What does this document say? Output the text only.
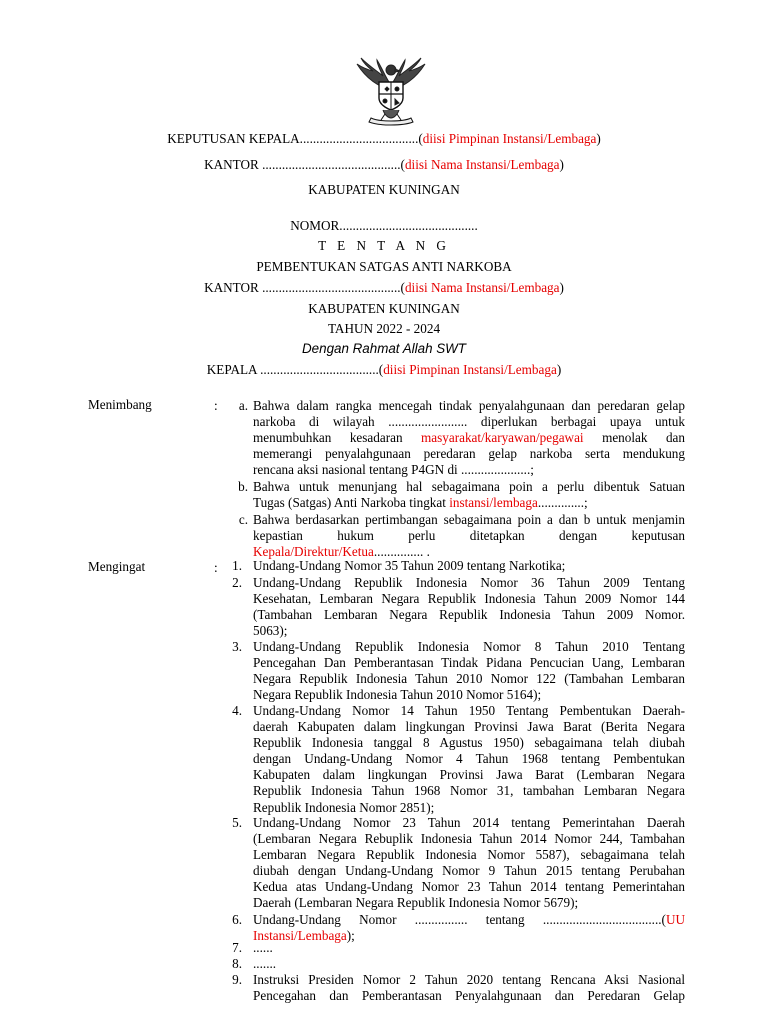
KEPUTUSAN KEPALA....................................(diisi Pimpinan Instansi/Lembaga)
KANTOR ..........................................(diisi Nama Instansi/Lembaga)
KABUPATEN KUNINGAN
NOMOR..........................................
T E N T A N G
PEMBENTUKAN SATGAS ANTI NARKOBA
KANTOR ..........................................(diisi Nama Instansi/Lembaga)
KABUPATEN KUNINGAN
TAHUN 2022 - 2024
Dengan Rahmat Allah SWT
KEPALA ....................................(diisi Pimpinan Instansi/Lembaga)
Menimbang	:	a. Bahwa dalam rangka mencegah tindak penyalahgunaan dan peredaran gelap
narkoba di wilayah ........................ diperlukan berbagai upaya untuk
menumbuhkan kesadaran masyarakat/karyawan/pegawai menolak dan
memerangi penyalahgunaan peredaran gelap narkoba serta mendukung
rencana aksi nasional tentang P4GN di .....................;
b. Bahwa untuk menunjang hal sebagaimana poin a perlu dibentuk Satuan
Tugas (Satgas) Anti Narkoba tingkat instansi/lembaga..............;
c. Bahwa berdasarkan pertimbangan sebagaimana poin a dan b untuk menjamin
kepastian hukum perlu ditetapkan dengan keputusan
Kepala/Direktur/Ketua............... .
Mengingat	:	1. Undang-Undang Nomor 35 Tahun 2009 tentang Narkotika;
2. Undang-Undang Republik Indonesia Nomor 36 Tahun 2009 Tentang
Kesehatan, Lembaran Negara Republik Indonesia Tahun 2009 Nomor 144
(Tambahan Lembaran Negara Republik Indonesia Tahun 2009 Nomor.
5063);
3. Undang-Undang Republik Indonesia Nomor 8 Tahun 2010 Tentang
Pencegahan Dan Pemberantasan Tindak Pidana Pencucian Uang, Lembaran
Negara Republik Indonesia Tahun 2010 Nomor 122 (Tambahan Lembaran
Negara Republik Indonesia Tahun 2010 Nomor 5164);
4. Undang-Undang Nomor 14 Tahun 1950 Tentang Pembentukan Daerah-
daerah Kabupaten dalam lingkungan Provinsi Jawa Barat (Berita Negara
Republik Indonesia tanggal 8 Agustus 1950) sebagaimana telah diubah
dengan Undang-Undang Nomor 4 Tahun 1968 tentang Pembentukan
Kabupaten dalam lingkungan Provinsi Jawa Barat (Lembaran Negara
Republik Indonesia Tahun 1968 Nomor 31, tambahan Lembaran Negara
Republik Indonesia Nomor 2851);
5. Undang-Undang Nomor 23 Tahun 2014 tentang Pemerintahan Daerah
(Lembaran Negara Rebuplik Indonesia Tahun 2014 Nomor 244, Tambahan
Lembaran Negara Republik Indonesia Nomor 5587), sebagaimana telah
diubah dengan Undang-Undang Nomor 9 Tahun 2015 tentang Perubahan
Kedua atas Undang-Undang Nomor 23 Tahun 2014 tentang Pemerintahan
Daerah (Lembaran Negara Republik Indonesia Nomor 5679);
6. Undang-Undang Nomor ................ tentang ....................................(UU
Instansi/Lembaga);
7. ......
8. .......
9. Instruksi Presiden Nomor 2 Tahun 2020 tentang Rencana Aksi Nasional
Pencegahan dan Pemberantasan Penyalahgunaan dan Peredaran Gelap
